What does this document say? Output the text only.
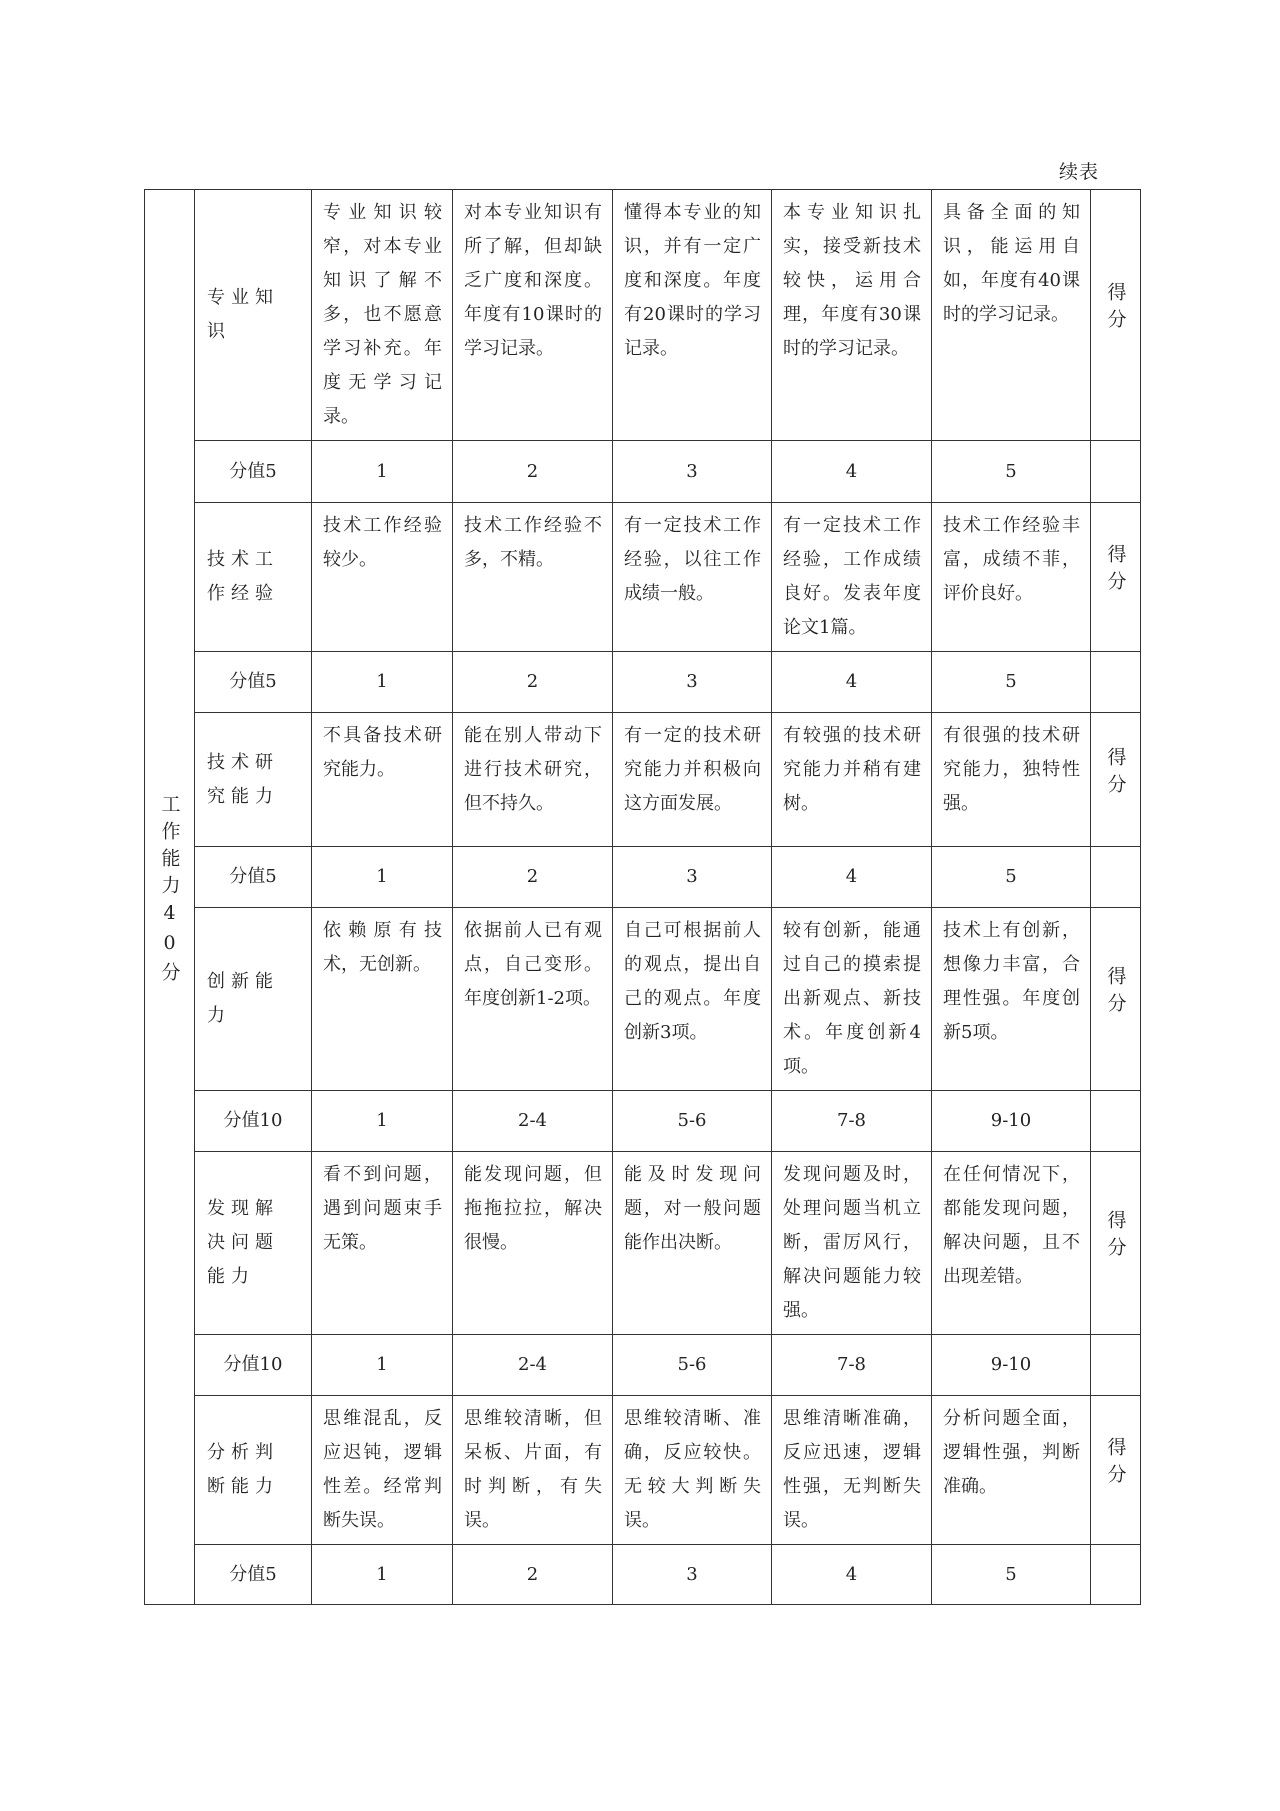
续表
工作能力40分	专业知识	专业知识较窄，对本专业知识了解不多，也不愿意学习补充。年度无学习记录。	对本专业知识有所了解，但却缺乏广度和深度。年度有10课时的学习记录。	懂得本专业的知识，并有一定广度和深度。年度有20课时的学习记录。	本专业知识扎实，接受新技术较快，运用合理，年度有30课时的学习记录。	具备全面的知识，能运用自如，年度有40课时的学习记录。	得分
	分值5	1	2	3	4	5	
	技术工作经验	技术工作经验较少。	技术工作经验不多，不精。	有一定技术工作经验，以往工作成绩一般。	有一定技术工作经验，工作成绩良好。发表年度论文1篇。	技术工作经验丰富，成绩不菲，评价良好。	得分
	分值5	1	2	3	4	5	
	技术研究能力	不具备技术研究能力。	能在别人带动下进行技术研究，但不持久。	有一定的技术研究能力并积极向这方面发展。	有较强的技术研究能力并稍有建树。	有很强的技术研究能力，独特性强。	得分
	分值5	1	2	3	4	5	
	创新能力	依赖原有技术，无创新。	依据前人已有观点，自己变形。年度创新1-2项。	自己可根据前人的观点，提出自己的观点。年度创新3项。	较有创新，能通过自己的摸索提出新观点、新技术。年度创新4项。	技术上有创新，想像力丰富，合理性强。年度创新5项。	得分
	分值10	1	2-4	5-6	7-8	9-10	
	发现解决问题能力	看不到问题，遇到问题束手无策。	能发现问题，但拖拖拉拉，解决很慢。	能及时发现问题，对一般问题能作出决断。	发现问题及时，处理问题当机立断，雷厉风行，解决问题能力较强。	在任何情况下，都能发现问题，解决问题，且不出现差错。	得分
	分值10	1	2-4	5-6	7-8	9-10	
	分析判断能力	思维混乱，反应迟钝，逻辑性差。经常判断失误。	思维较清晰，但呆板、片面，有时判断，有失误。	思维较清晰、准确，反应较快。无较大判断失误。	思维清晰准确，反应迅速，逻辑性强，无判断失误。	分析问题全面，逻辑性强，判断准确。	得分
	分值5	1	2	3	4	5	
